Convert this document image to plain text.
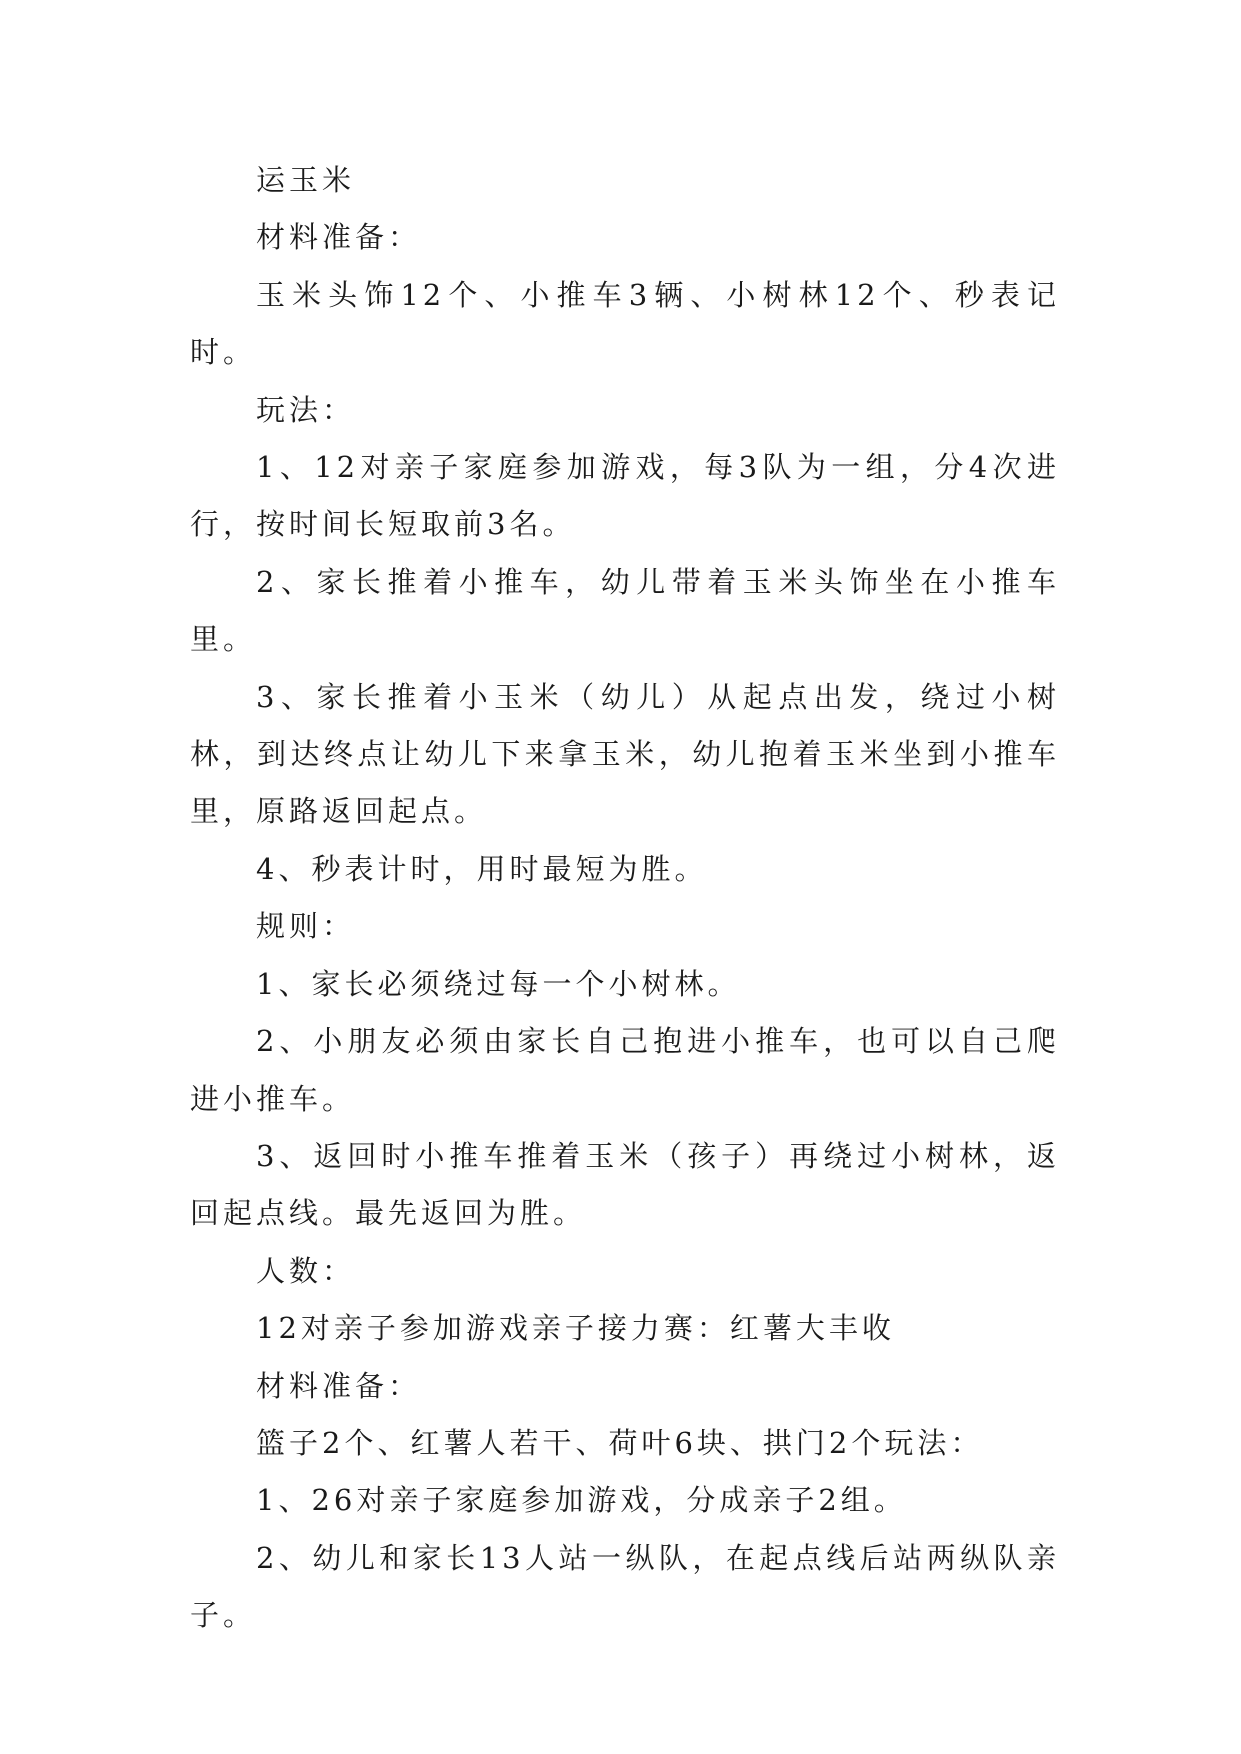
运玉米

材料准备：

玉米头饰12个、小推车3辆、小树林12个、秒表记时。

玩法：

1、12对亲子家庭参加游戏，每3队为一组，分4次进行，按时间长短取前3名。

2、家长推着小推车，幼儿带着玉米头饰坐在小推车里。

3、家长推着小玉米（幼儿）从起点出发，绕过小树林，到达终点让幼儿下来拿玉米，幼儿抱着玉米坐到小推车里，原路返回起点。

4、秒表计时，用时最短为胜。

规则：

1、家长必须绕过每一个小树林。

2、小朋友必须由家长自己抱进小推车，也可以自己爬进小推车。

3、返回时小推车推着玉米（孩子）再绕过小树林，返回起点线。最先返回为胜。

人数：

12对亲子参加游戏亲子接力赛：红薯大丰收

材料准备：

篮子2个、红薯人若干、荷叶6块、拱门2个玩法：

1、26对亲子家庭参加游戏，分成亲子2组。

2、幼儿和家长13人站一纵队，在起点线后站两纵队亲子。
